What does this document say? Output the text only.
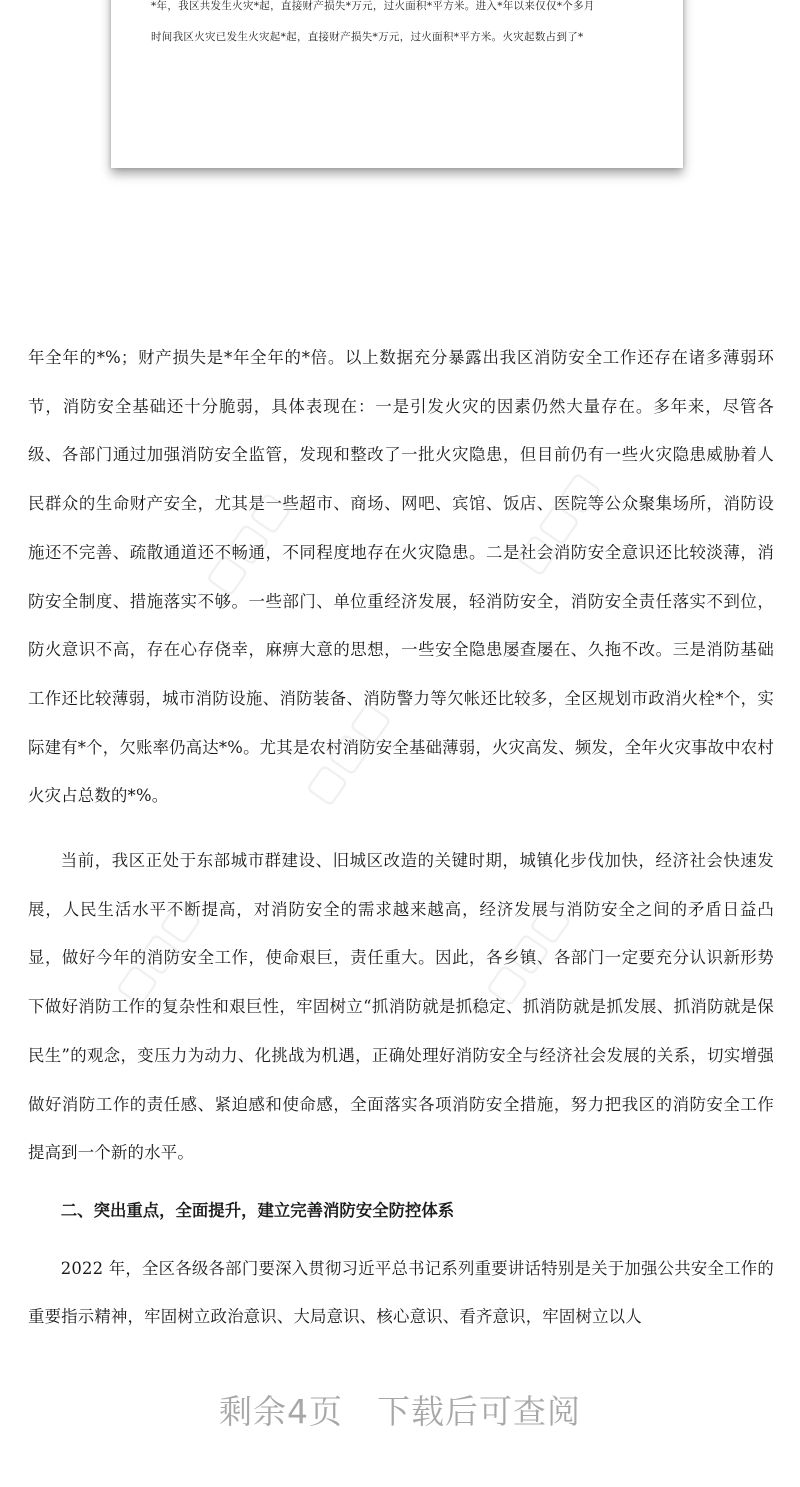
*年，我区共发生火灾*起，直接财产损失*万元，过火面积*平方米。进入*年以来仅仅*个多月
时间我区火灾已发生火灾起*起，直接财产损失*万元，过火面积*平方米。火灾起数占到了*

年全年的*%；财产损失是*年全年的*倍。以上数据充分暴露出我区消防安全工作还存在诸多薄弱环节，消防安全基础还十分脆弱，具体表现在：一是引发火灾的因素仍然大量存在。多年来，尽管各级、各部门通过加强消防安全监管，发现和整改了一批火灾隐患，但目前仍有一些火灾隐患威胁着人民群众的生命财产安全，尤其是一些超市、商场、网吧、宾馆、饭店、医院等公众聚集场所，消防设施还不完善、疏散通道还不畅通，不同程度地存在火灾隐患。二是社会消防安全意识还比较淡薄，消防安全制度、措施落实不够。一些部门、单位重经济发展，轻消防安全，消防安全责任落实不到位，防火意识不高，存在心存侥幸，麻痹大意的思想，一些安全隐患屡查屡在、久拖不改。三是消防基础工作还比较薄弱，城市消防设施、消防装备、消防警力等欠帐还比较多，全区规划市政消火栓*个，实际建有*个，欠账率仍高达*%。尤其是农村消防安全基础薄弱，火灾高发、频发，全年火灾事故中农村火灾占总数的*%。

当前，我区正处于东部城市群建设、旧城区改造的关键时期，城镇化步伐加快，经济社会快速发展，人民生活水平不断提高，对消防安全的需求越来越高，经济发展与消防安全之间的矛盾日益凸显，做好今年的消防安全工作，使命艰巨，责任重大。因此，各乡镇、各部门一定要充分认识新形势下做好消防工作的复杂性和艰巨性，牢固树立“抓消防就是抓稳定、抓消防就是抓发展、抓消防就是保民生”的观念，变压力为动力、化挑战为机遇，正确处理好消防安全与经济社会发展的关系，切实增强做好消防工作的责任感、紧迫感和使命感，全面落实各项消防安全措施，努力把我区的消防安全工作提高到一个新的水平。

二、突出重点，全面提升，建立完善消防安全防控体系

2022 年，全区各级各部门要深入贯彻习近平总书记系列重要讲话特别是关于加强公共安全工作的重要指示精神，牢固树立政治意识、大局意识、核心意识、看齐意识，牢固树立以人

▢▢▢	▢▢▢
▢▢▢
▢▢▢	▢▢▢
剩余4页 下载后可查阅
